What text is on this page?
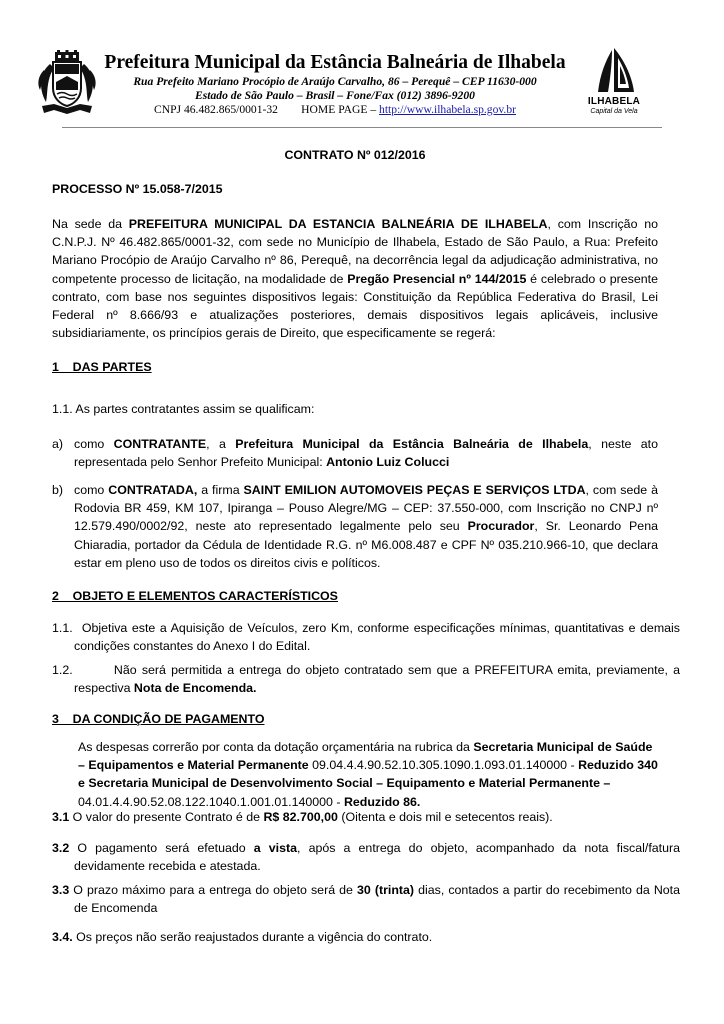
Prefeitura Municipal da Estância Balneária de Ilhabela
Rua Prefeito Mariano Procópio de Araújo Carvalho, 86 – Perequê – CEP 11630-000
Estado de São Paulo – Brasil – Fone/Fax (012) 3896-9200
CNPJ 46.482.865/0001-32 HOME PAGE – http://www.ilhabela.sp.gov.br
ILHABELA
Capital da Vela
CONTRATO Nº 012/2016
PROCESSO Nº 15.058-7/2015
Na sede da PREFEITURA MUNICIPAL DA ESTANCIA BALNEÁRIA DE ILHABELA, com Inscrição no C.N.P.J. Nº 46.482.865/0001-32, com sede no Município de Ilhabela, Estado de São Paulo, a Rua: Prefeito Mariano Procópio de Araújo Carvalho nº 86, Perequê, na decorrência legal da adjudicação administrativa, no competente processo de licitação, na modalidade de Pregão Presencial nº 144/2015 é celebrado o presente contrato, com base nos seguintes dispositivos legais: Constituição da República Federativa do Brasil, Lei Federal nº 8.666/93 e atualizações posteriores, demais dispositivos legais aplicáveis, inclusive subsidiariamente, os princípios gerais de Direito, que especificamente se regerá:
1    DAS PARTES
1.1. As partes contratantes assim se qualificam:
a) como CONTRATANTE, a Prefeitura Municipal da Estância Balneária de Ilhabela, neste ato representada pelo Senhor Prefeito Municipal: Antonio Luiz Colucci
b) como CONTRATADA, a firma SAINT EMILION AUTOMOVEIS PEÇAS E SERVIÇOS LTDA, com sede à Rodovia BR 459, KM 107, Ipiranga – Pouso Alegre/MG – CEP: 37.550-000, com Inscrição no CNPJ nº 12.579.490/0002/92, neste ato representado legalmente pelo seu Procurador, Sr. Leonardo Pena Chiaradia, portador da Cédula de Identidade R.G. nº M6.008.487 e CPF Nº 035.210.966-10, que declara estar em pleno uso de todos os direitos civis e políticos.
2    OBJETO E ELEMENTOS CARACTERÍSTICOS
1.1.  Objetiva este a Aquisição de Veículos, zero Km, conforme especificações mínimas, quantitativas e demais condições constantes do Anexo I do Edital.
1.2.        Não será permitida a entrega do objeto contratado sem que a PREFEITURA emita, previamente, a respectiva Nota de Encomenda.
3    DA CONDIÇÃO DE PAGAMENTO
As despesas correrão por conta da dotação orçamentária na rubrica da Secretaria Municipal de Saúde – Equipamentos e Material Permanente 09.04.4.4.90.52.10.305.1090.1.093.01.140000 - Reduzido 340 e Secretaria Municipal de Desenvolvimento Social – Equipamento e Material Permanente – 04.01.4.4.90.52.08.122.1040.1.001.01.140000 - Reduzido 86.
3.1 O valor do presente Contrato é de R$ 82.700,00 (Oitenta e dois mil e setecentos reais).
3.2 O pagamento será efetuado a vista, após a entrega do objeto, acompanhado da nota fiscal/fatura devidamente recebida e atestada.
3.3 O prazo máximo para a entrega do objeto será de 30 (trinta) dias, contados a partir do recebimento da Nota de Encomenda
3.4. Os preços não serão reajustados durante a vigência do contrato.
